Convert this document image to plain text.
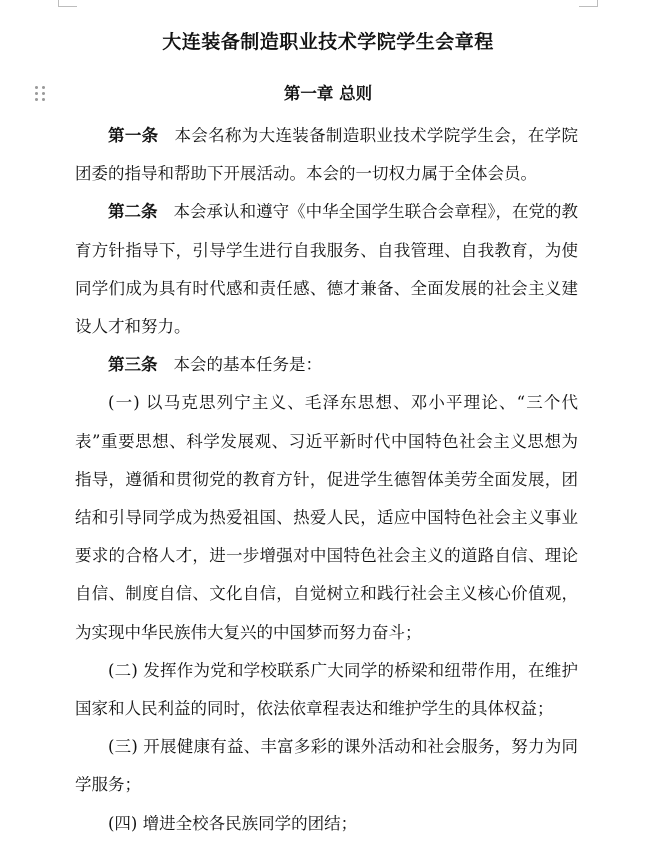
大连装备制造职业技术学院学生会章程
第一章 总则

第一条 本会名称为大连装备制造职业技术学院学生会，在学院团委的指导和帮助下开展活动。本会的一切权力属于全体会员。

第二条 本会承认和遵守《中华全国学生联合会章程》，在党的教育方针指导下，引导学生进行自我服务、自我管理、自我教育，为使同学们成为具有时代感和责任感、德才兼备、全面发展的社会主义建设人才和努力。

第三条 本会的基本任务是：

(一) 以马克思列宁主义、毛泽东思想、邓小平理论、“三个代表”重要思想、科学发展观、习近平新时代中国特色社会主义思想为指导，遵循和贯彻党的教育方针，促进学生德智体美劳全面发展，团结和引导同学成为热爱祖国、热爱人民，适应中国特色社会主义事业要求的合格人才，进一步增强对中国特色社会主义的道路自信、理论自信、制度自信、文化自信，自觉树立和践行社会主义核心价值观，为实现中华民族伟大复兴的中国梦而努力奋斗；

(二) 发挥作为党和学校联系广大同学的桥梁和纽带作用，在维护国家和人民利益的同时，依法依章程表达和维护学生的具体权益；

(三) 开展健康有益、丰富多彩的课外活动和社会服务，努力为同学服务；

(四) 增进全校各民族同学的团结；
